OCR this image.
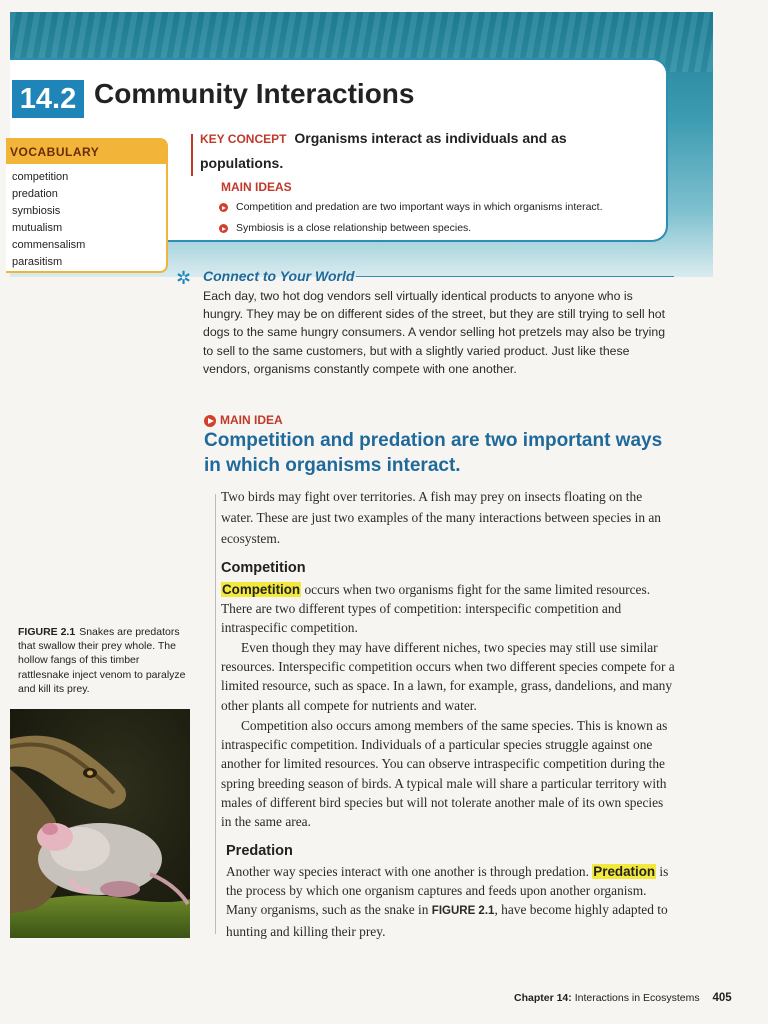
14.2 Community Interactions
VOCABULARY
competition
predation
symbiosis
mutualism
commensalism
parasitism
KEY CONCEPT Organisms interact as individuals and as populations.
MAIN IDEAS
Competition and predation are two important ways in which organisms interact.
Symbiosis is a close relationship between species.
✲ Connect to Your World
Each day, two hot dog vendors sell virtually identical products to anyone who is hungry. They may be on different sides of the street, but they are still trying to sell hot dogs to the same hungry consumers. A vendor selling hot pretzels may also be trying to sell to the same customers, but with a slightly varied product. Just like these vendors, organisms constantly compete with one another.
MAIN IDEA
Competition and predation are two important ways in which organisms interact.
Two birds may fight over territories. A fish may prey on insects floating on the water. These are just two examples of the many interactions between species in an ecosystem.
Competition
Competition occurs when two organisms fight for the same limited resources. There are two different types of competition: interspecific competition and intraspecific competition.
Even though they may have different niches, two species may still use similar resources. Interspecific competition occurs when two different species compete for a limited resource, such as space. In a lawn, for example, grass, dandelions, and many other plants all compete for nutrients and water.
Competition also occurs among members of the same species. This is known as intraspecific competition. Individuals of a particular species struggle against one another for limited resources. You can observe intraspecific competition during the spring breeding season of birds. A typical male will share a particular territory with males of different bird species but will not tolerate another male of its own species in the same area.
Predation
Another way species interact with one another is through predation. Predation is the process by which one organism captures and feeds upon another organism. Many organisms, such as the snake in FIGURE 2.1, have become highly adapted to hunting and killing their prey.
FIGURE 2.1 Snakes are predators that swallow their prey whole. The hollow fangs of this timber rattlesnake inject venom to paralyze and kill its prey.
Chapter 14: Interactions in Ecosystems 405
